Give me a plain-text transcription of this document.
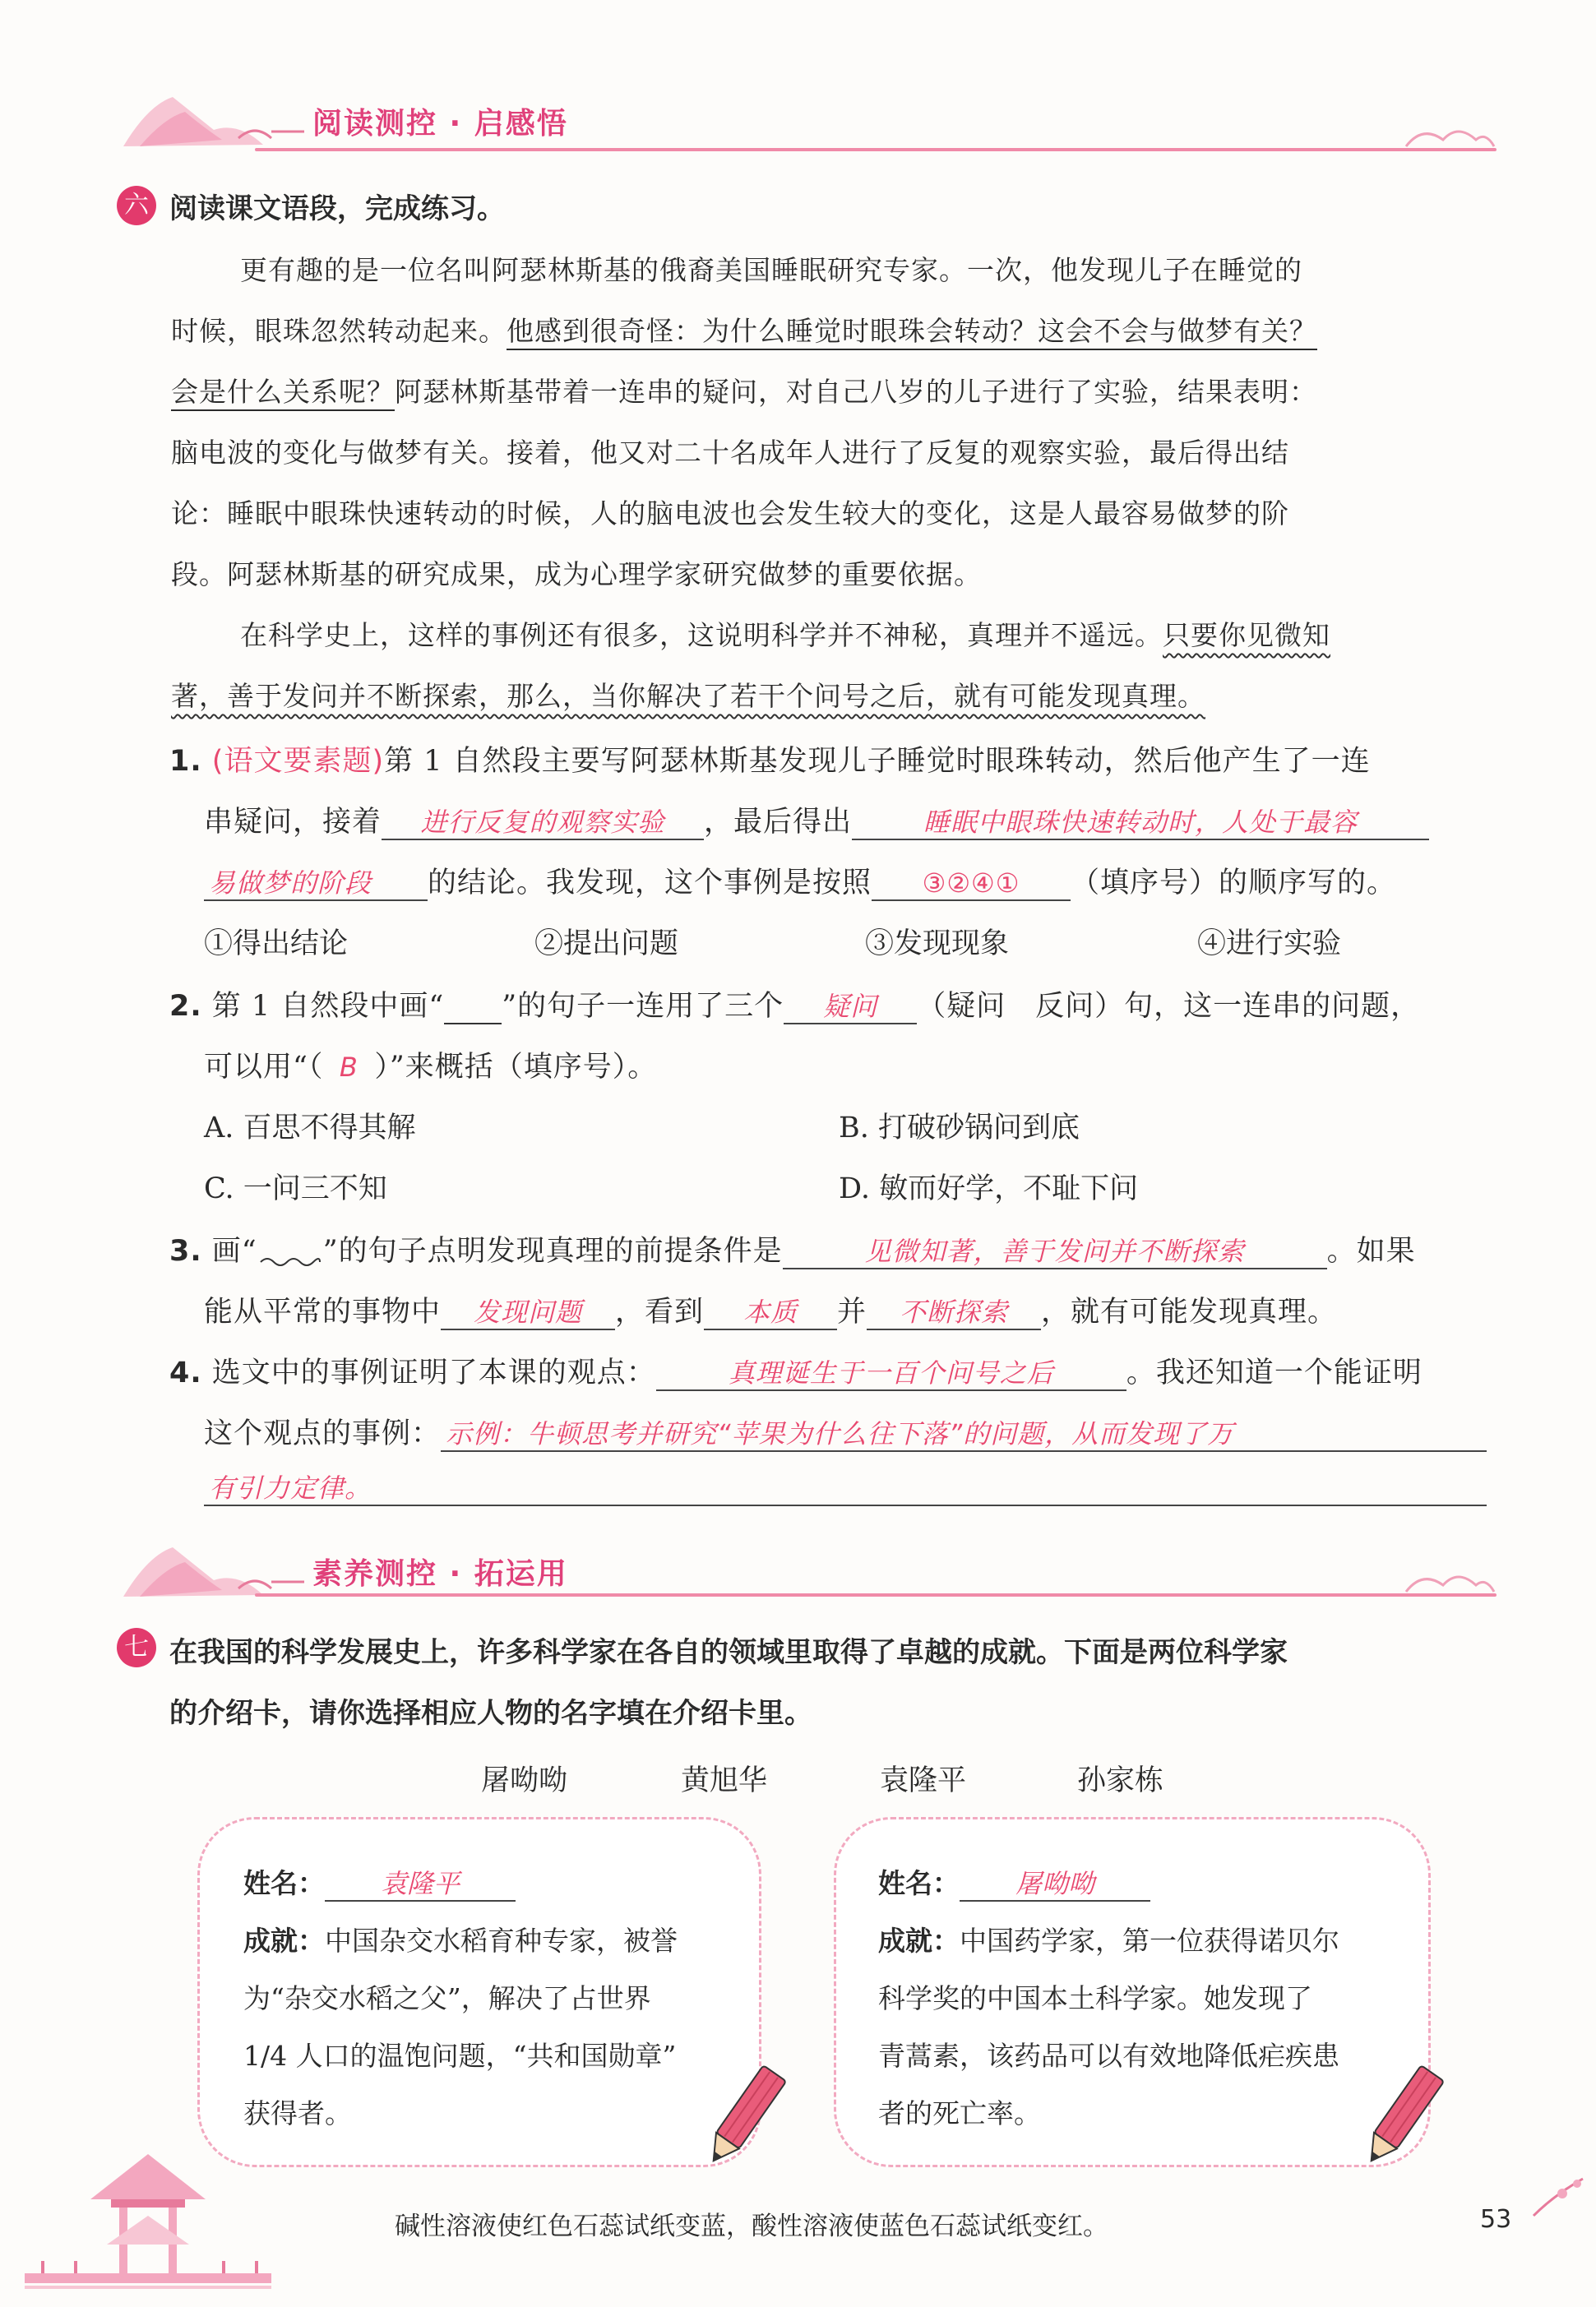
阅读测控 · 启感悟
六 阅读课文语段，完成练习。
更有趣的是一位名叫阿瑟林斯基的俄裔美国睡眠研究专家。一次，他发现儿子在睡觉的
时候，眼珠忽然转动起来。他感到很奇怪：为什么睡觉时眼珠会转动？这会不会与做梦有关？
会是什么关系呢？阿瑟林斯基带着一连串的疑问，对自己八岁的儿子进行了实验，结果表明：
脑电波的变化与做梦有关。接着，他又对二十名成年人进行了反复的观察实验，最后得出结
论：睡眠中眼珠快速转动的时候，人的脑电波也会发生较大的变化，这是人最容易做梦的阶
段。阿瑟林斯基的研究成果，成为心理学家研究做梦的重要依据。
在科学史上，这样的事例还有很多，这说明科学并不神秘，真理并不遥远。只要你见微知
著，善于发问并不断探索，那么，当你解决了若干个问号之后，就有可能发现真理。
1. (语文要素题)第 1 自然段主要写阿瑟林斯基发现儿子睡觉时眼珠转动，然后他产生了一连
串疑问，接着 进行反复的观察实验 ，最后得出	睡眠中眼珠快速转动时，人处于最容
易做梦的阶段 的结论。我发现，这个事例是按照 ③②④① （填序号）的顺序写的。
①得出结论	②提出问题	③发现现象	④进行实验
2. 第 1 自然段中画“ ”的句子一连用了三个 疑问 （疑问　反问）句，这一连串的问题，
可以用“（ B ）”来概括（填序号）。
A. 百思不得其解	B. 打破砂锅问到底
C. 一问三不知	D. 敏而好学，不耻下问
3. 画“ ”的句子点明发现真理的前提条件是	见微知著，善于发问并不断探索	。如果
能从平常的事物中 发现问题 ，看到 本质 并 不断探索 ，就有可能发现真理。
4. 选文中的事例证明了本课的观点：	真理诞生于一百个问号之后	。我还知道一个能证明
这个观点的事例： 示例：牛顿思考并研究“苹果为什么往下落”的问题，从而发现了万
有引力定律。
素养测控 · 拓运用
七 在我国的科学发展史上，许多科学家在各自的领域里取得了卓越的成就。下面是两位科学家
的介绍卡，请你选择相应人物的名字填在介绍卡里。
屠呦呦	黄旭华	袁隆平	孙家栋
姓名： 袁隆平
成就：中国杂交水稻育种专家，被誉
为“杂交水稻之父”，解决了占世界
1/4 人口的温饱问题，“共和国勋章”
获得者。
姓名： 屠呦呦
成就：中国药学家，第一位获得诺贝尔
科学奖的中国本土科学家。她发现了
青蒿素，该药品可以有效地降低疟疾患
者的死亡率。
碱性溶液使红色石蕊试纸变蓝，酸性溶液使蓝色石蕊试纸变红。	53
